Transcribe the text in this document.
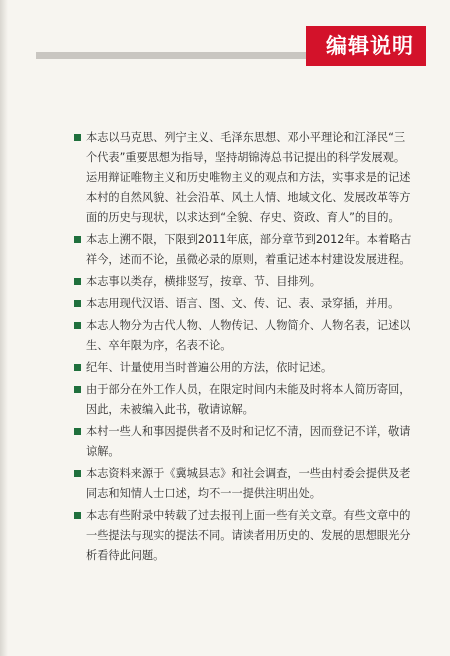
编辑说明
本志以马克思、列宁主义、毛泽东思想、邓小平理论和江泽民“三个代表”重要思想为指导，坚持胡锦涛总书记提出的科学发展观。运用辩证唯物主义和历史唯物主义的观点和方法，实事求是的记述本村的自然风貌、社会沿革、风土人情、地域文化、发展改革等方面的历史与现状，以求达到“全貌、存史、资政、育人”的目的。
本志上溯不限，下限到2011年底，部分章节到2012年。本着略古祥今，述而不论，虽微必录的原则，着重记述本村建设发展进程。
本志事以类存，横排竖写，按章、节、目排列。
本志用现代汉语、语言、图、文、传、记、表、录穿插，并用。
本志人物分为古代人物、人物传记、人物简介、人物名表，记述以生、卒年限为序，名表不论。
纪年、计量使用当时普遍公用的方法，依时记述。
由于部分在外工作人员，在限定时间内未能及时将本人简历寄回，因此，未被编入此书，敬请谅解。
本村一些人和事因提供者不及时和记忆不清，因而登记不详，敬请谅解。
本志资料来源于《冀城县志》和社会调查，一些由村委会提供及老同志和知情人士口述，均不一一提供注明出处。
本志有些附录中转载了过去报刊上面一些有关文章。有些文章中的一些提法与现实的提法不同。请读者用历史的、发展的思想眼光分析看待此问题。
